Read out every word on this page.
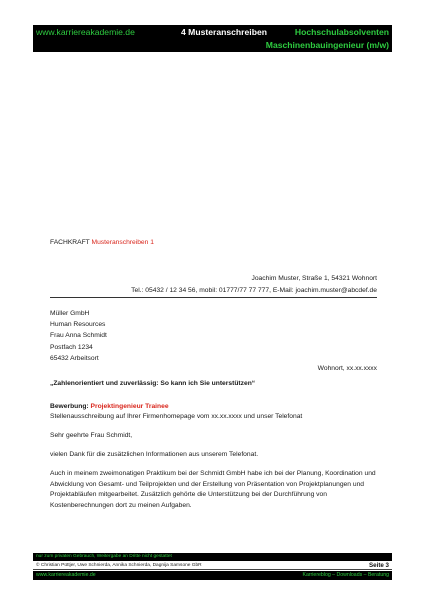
www.karriereakademie.de	4 Musteranschreiben	Hochschulabsolventen
Maschinenbauingenieur (m/w)
FACHKRAFT Musteranschreiben 1
Joachim Muster, Straße 1, 54321 Wohnort
Tel.: 05432 / 12 34 56, mobil: 01777/77 77 777, E-Mail: joachim.muster@abcdef.de
Müller GmbH
Human Resources
Frau Anna Schmidt
Postfach 1234
65432 Arbeitsort
Wohnort, xx.xx.xxxx
„Zahlenorientiert und zuverlässig: So kann ich Sie unterstützen“
Bewerbung: Projektingenieur Trainee
Stellenausschreibung auf Ihrer Firmenhomepage vom xx.xx.xxxx und unser Telefonat
Sehr geehrte Frau Schmidt,
vielen Dank für die zusätzlichen Informationen aus unserem Telefonat.
Auch in meinem zweimonatigen Praktikum bei der Schmidt GmbH habe ich bei der Planung, Koordination und Abwicklung von Gesamt- und Teilprojekten und der Erstellung von Präsentation von Projektplanungen und Projektabläufen mitgearbeitet. Zusätzlich gehörte die Unterstützung bei der Durchführung von Kostenberechnungen dort zu meinen Aufgaben.
nur zum privaten Gebrauch, Weitergabe an Dritte nicht gestattet
© Christian Püttjer, Uwe Schnierda, Annika Schnierda, Dagnija Samsone GbR	Seite 3
www.karriereakademie.de	Karriereblog – Downloads – Beratung
